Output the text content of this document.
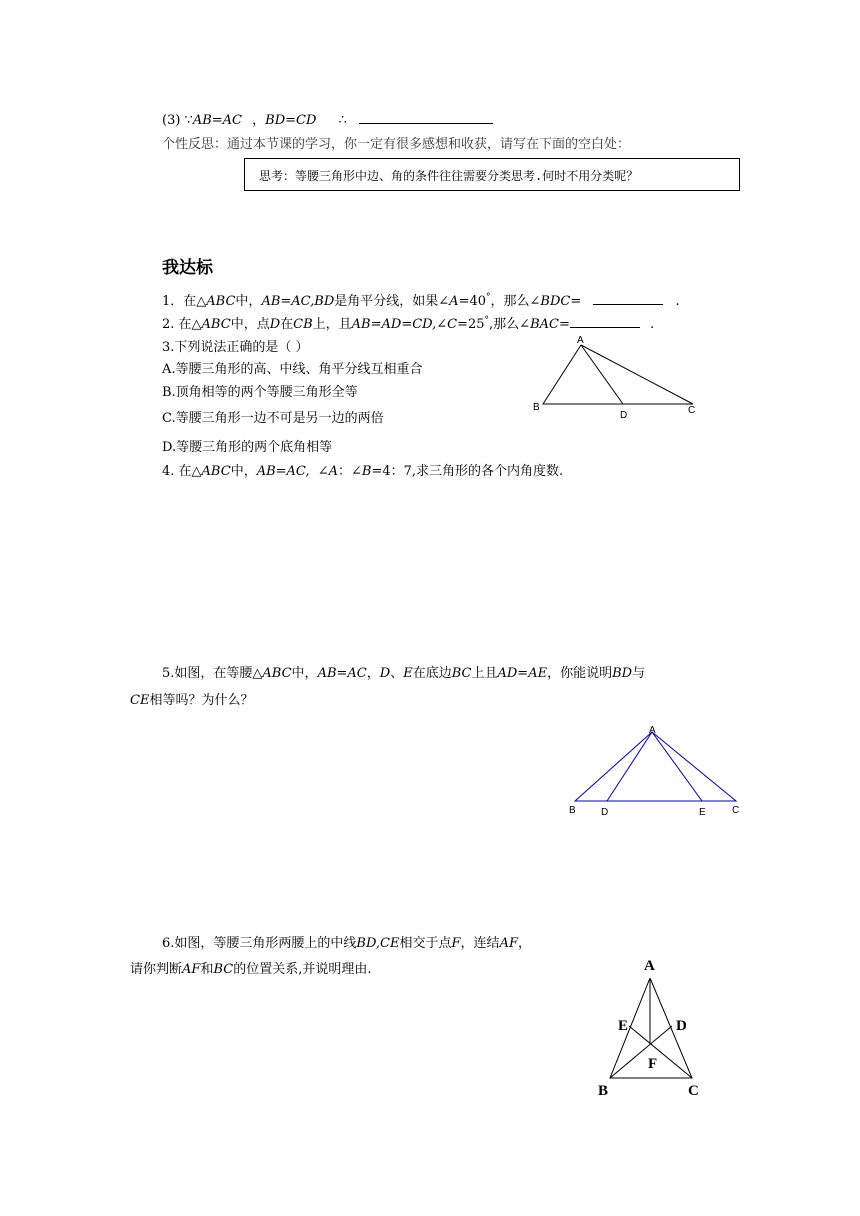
(3) ∵AB=AC ，BD=CD ∴
个性反思：通过本节课的学习，你一定有很多感想和收获，请写在下面的空白处：
思考：等腰三角形中边、角的条件往往需要分类思考.何时不用分类呢？
我达标
1．在△ABC中，AB=AC,BD是角平分线，如果∠A=40°，那么∠BDC=	.
2. 在△ABC中，点D在CB上，且AB=AD=CD,∠C=25°,那么∠BAC=	.
3.下列说法正确的是（ ）
A.等腰三角形的高、中线、角平分线互相重合
B.顶角相等的两个等腰三角形全等
C.等腰三角形一边不可是另一边的两倍
D.等腰三角形的两个底角相等
A
B
D	C
4. 在△ABC中，AB=AC, ∠A：∠B=4：7,求三角形的各个内角度数.
5.如图，在等腰△ABC中，AB=AC，D、E在底边BC上且AD=AE，你能说明BD与
CE相等吗？为什么？
A
B	D	E	C
6.如图，等腰三角形两腰上的中线BD,CE相交于点F，连结AF，
请你判断AF和BC的位置关系,并说明理由.	A
E	D
F
B	C
